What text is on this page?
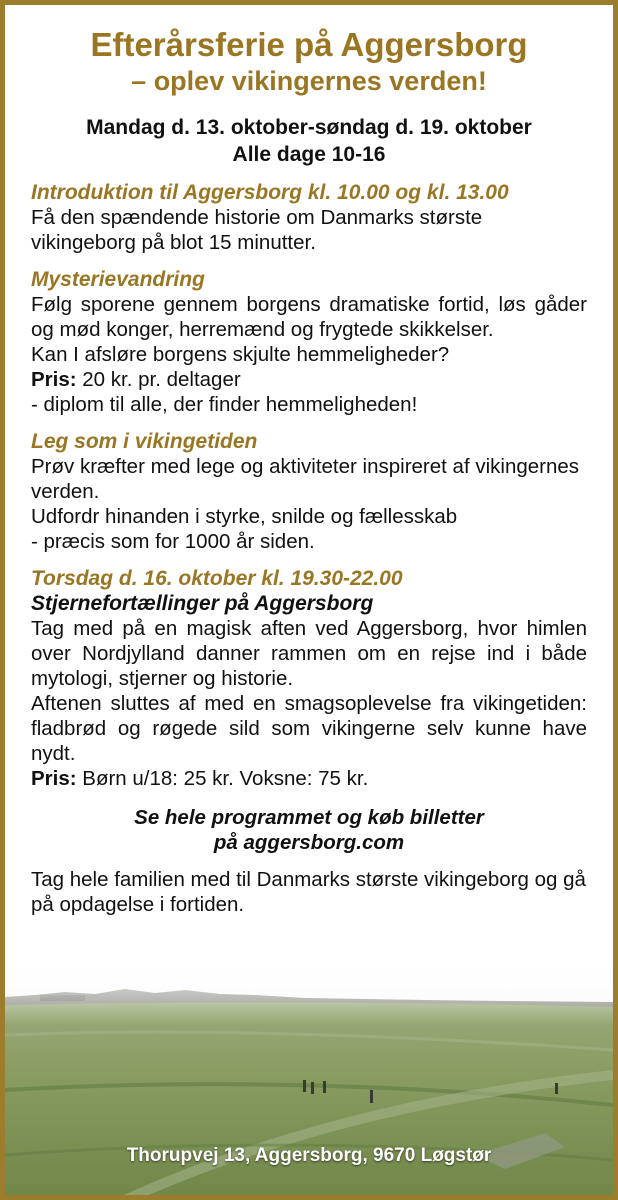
Efterårsferie på Aggersborg
– oplev vikingernes verden!
Mandag d. 13. oktober-søndag d. 19. oktober
Alle dage 10-16
Introduktion til Aggersborg kl. 10.00 og kl. 13.00
Få den spændende historie om Danmarks største vikingeborg på blot 15 minutter.
Mysterievandring
Følg sporene gennem borgens dramatiske fortid, løs gåder og mød konger, herremænd og frygtede skikkelser.
Kan I afsløre borgens skjulte hemmeligheder?
Pris: 20 kr. pr. deltager
- diplom til alle, der finder hemmeligheden!
Leg som i vikingetiden
Prøv kræfter med lege og aktiviteter inspireret af vikingernes verden.
Udfordr hinanden i styrke, snilde og fællesskab
- præcis som for 1000 år siden.
Torsdag d. 16. oktober kl. 19.30-22.00
Stjernefortællinger på Aggersborg
Tag med på en magisk aften ved Aggersborg, hvor himlen over Nordjylland danner rammen om en rejse ind i både mytologi, stjerner og historie.
Aftenen sluttes af med en smagsoplevelse fra vikingetiden: fladbrød og røgede sild som vikingerne selv kunne have nydt.
Pris: Børn u/18: 25 kr. Voksne: 75 kr.
Se hele programmet og køb billetter
på aggersborg.com
Tag hele familien med til Danmarks største vikingeborg og gå på opdagelse i fortiden.
Thorupvej 13, Aggersborg, 9670 Løgstør
